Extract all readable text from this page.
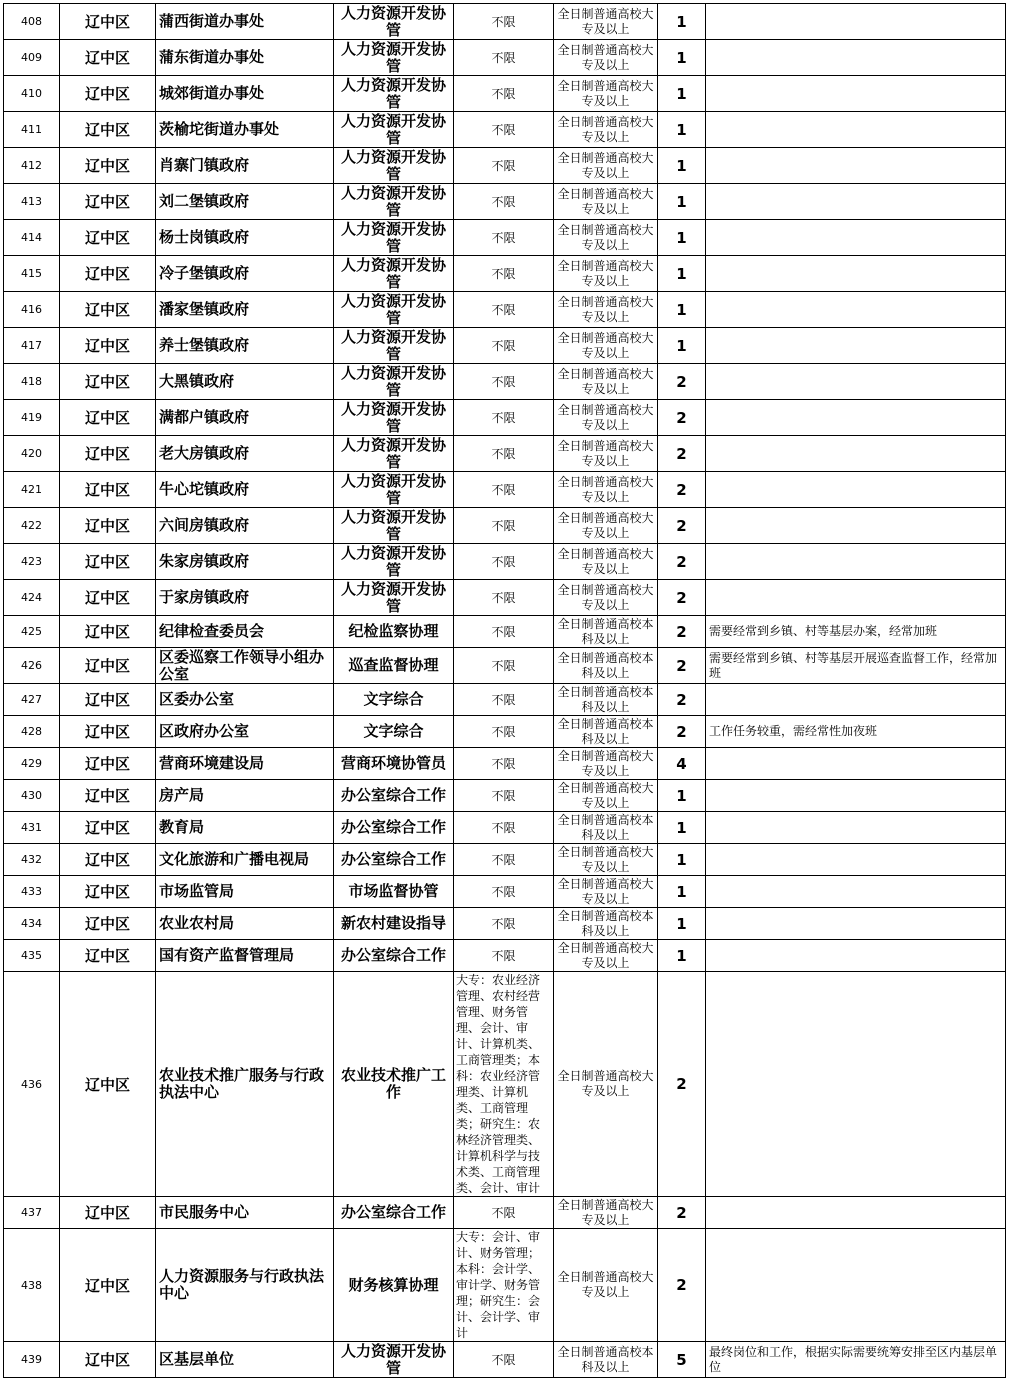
408	辽中区	蒲西街道办事处	人力资源开发协管	不限	全日制普通高校大专及以上	1	
409	辽中区	蒲东街道办事处	人力资源开发协管	不限	全日制普通高校大专及以上	1	
410	辽中区	城郊街道办事处	人力资源开发协管	不限	全日制普通高校大专及以上	1	
411	辽中区	茨榆坨街道办事处	人力资源开发协管	不限	全日制普通高校大专及以上	1	
412	辽中区	肖寨门镇政府	人力资源开发协管	不限	全日制普通高校大专及以上	1	
413	辽中区	刘二堡镇政府	人力资源开发协管	不限	全日制普通高校大专及以上	1	
414	辽中区	杨士岗镇政府	人力资源开发协管	不限	全日制普通高校大专及以上	1	
415	辽中区	冷子堡镇政府	人力资源开发协管	不限	全日制普通高校大专及以上	1	
416	辽中区	潘家堡镇政府	人力资源开发协管	不限	全日制普通高校大专及以上	1	
417	辽中区	养士堡镇政府	人力资源开发协管	不限	全日制普通高校大专及以上	1	
418	辽中区	大黑镇政府	人力资源开发协管	不限	全日制普通高校大专及以上	2	
419	辽中区	满都户镇政府	人力资源开发协管	不限	全日制普通高校大专及以上	2	
420	辽中区	老大房镇政府	人力资源开发协管	不限	全日制普通高校大专及以上	2	
421	辽中区	牛心坨镇政府	人力资源开发协管	不限	全日制普通高校大专及以上	2	
422	辽中区	六间房镇政府	人力资源开发协管	不限	全日制普通高校大专及以上	2	
423	辽中区	朱家房镇政府	人力资源开发协管	不限	全日制普通高校大专及以上	2	
424	辽中区	于家房镇政府	人力资源开发协管	不限	全日制普通高校大专及以上	2	
425	辽中区	纪律检查委员会	纪检监察协理	不限	全日制普通高校本科及以上	2	需要经常到乡镇、村等基层办案，经常加班
426	辽中区	区委巡察工作领导小组办公室	巡查监督协理	不限	全日制普通高校本科及以上	2	需要经常到乡镇、村等基层开展巡查监督工作，经常加班
427	辽中区	区委办公室	文字综合	不限	全日制普通高校本科及以上	2	
428	辽中区	区政府办公室	文字综合	不限	全日制普通高校本科及以上	2	工作任务较重，需经常性加夜班
429	辽中区	营商环境建设局	营商环境协管员	不限	全日制普通高校大专及以上	4	
430	辽中区	房产局	办公室综合工作	不限	全日制普通高校大专及以上	1	
431	辽中区	教育局	办公室综合工作	不限	全日制普通高校本科及以上	1	
432	辽中区	文化旅游和广播电视局	办公室综合工作	不限	全日制普通高校大专及以上	1	
433	辽中区	市场监管局	市场监督协管	不限	全日制普通高校大专及以上	1	
434	辽中区	农业农村局	新农村建设指导	不限	全日制普通高校本科及以上	1	
435	辽中区	国有资产监督管理局	办公室综合工作	不限	全日制普通高校大专及以上	1	
436	辽中区	农业技术推广服务与行政执法中心	农业技术推广工作	大专：农业经济管理、农村经营管理、财务管理、会计、审计、计算机类、工商管理类；本科：农业经济管理类、计算机类、工商管理类；研究生：农林经济管理类、计算机科学与技术类、工商管理类、会计、审计	全日制普通高校大专及以上	2	
437	辽中区	市民服务中心	办公室综合工作	不限	全日制普通高校大专及以上	2	
438	辽中区	人力资源服务与行政执法中心	财务核算协理	大专：会计、审计、财务管理；本科：会计学、审计学、财务管理；研究生：会计、会计学、审计	全日制普通高校大专及以上	2	
439	辽中区	区基层单位	人力资源开发协管	不限	全日制普通高校本科及以上	5	最终岗位和工作，根据实际需要统筹安排至区内基层单位
